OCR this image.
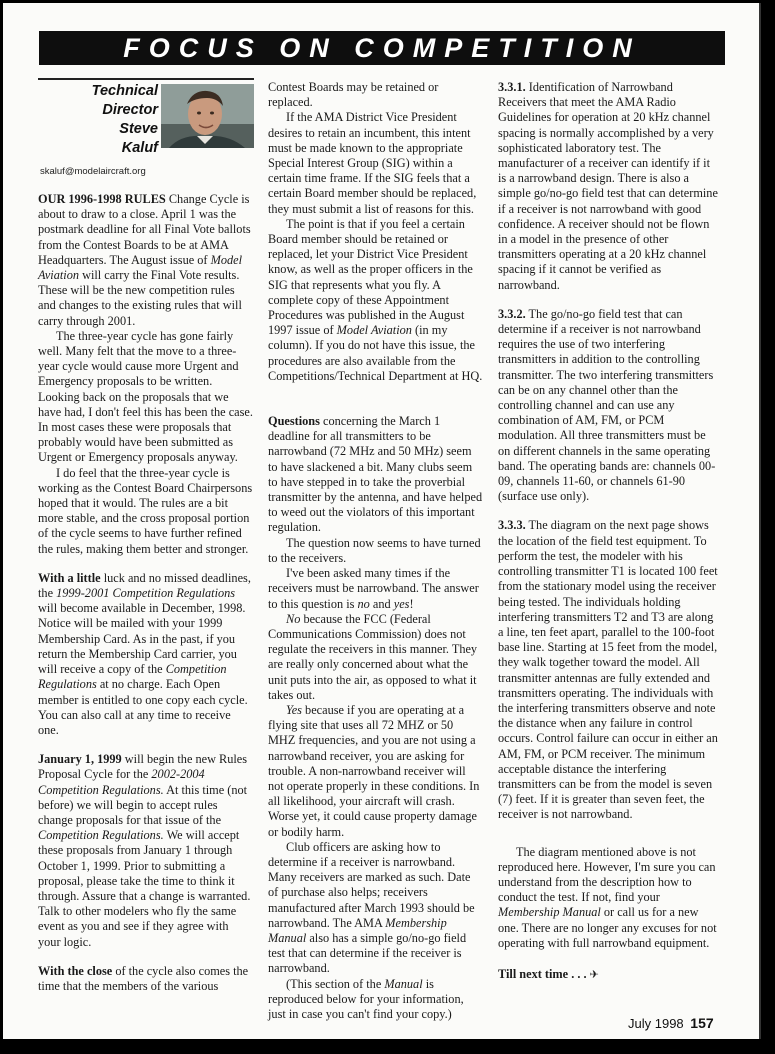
FOCUS ON COMPETITION
Technical
Director
Steve
Kaluf
skaluf@modelaircraft.org

OUR 1996-1998 RULES Change Cycle is about to draw to a close. April 1 was the postmark deadline for all Final Vote ballots from the Contest Boards to be at AMA Headquarters. The August issue of Model Aviation will carry the Final Vote results. These will be the new competition rules and changes to the existing rules that will carry through 2001.

The three-year cycle has gone fairly well. Many felt that the move to a three-year cycle would cause more Urgent and Emergency proposals to be written. Looking back on the proposals that we have had, I don't feel this has been the case. In most cases these were proposals that probably would have been submitted as Urgent or Emergency proposals anyway.

I do feel that the three-year cycle is working as the Contest Board Chairpersons hoped that it would. The rules are a bit more stable, and the cross proposal portion of the cycle seems to have further refined the rules, making them better and stronger.

With a little luck and no missed deadlines, the 1999-2001 Competition Regulations will become available in December, 1998. Notice will be mailed with your 1999 Membership Card. As in the past, if you return the Membership Card carrier, you will receive a copy of the Competition Regulations at no charge. Each Open member is entitled to one copy each cycle. You can also call at any time to receive one.

January 1, 1999 will begin the new Rules Proposal Cycle for the 2002-2004 Competition Regulations. At this time (not before) we will begin to accept rules change proposals for that issue of the Competition Regulations. We will accept these proposals from January 1 through October 1, 1999. Prior to submitting a proposal, please take the time to think it through. Assure that a change is warranted. Talk to other modelers who fly the same event as you and see if they agree with your logic.

With the close of the cycle also comes the time that the members of the various

Contest Boards may be retained or replaced.

If the AMA District Vice President desires to retain an incumbent, this intent must be made known to the appropriate Special Interest Group (SIG) within a certain time frame. If the SIG feels that a certain Board member should be replaced, they must submit a list of reasons for this.

The point is that if you feel a certain Board member should be retained or replaced, let your District Vice President know, as well as the proper officers in the SIG that represents what you fly. A complete copy of these Appointment Procedures was published in the August 1997 issue of Model Aviation (in my column). If you do not have this issue, the procedures are also available from the Competitions/Technical Department at HQ.

Questions concerning the March 1 deadline for all transmitters to be narrowband (72 MHz and 50 MHz) seem to have slackened a bit. Many clubs seem to have stepped in to take the proverbial transmitter by the antenna, and have helped to weed out the violators of this important regulation.

The question now seems to have turned to the receivers.

I've been asked many times if the receivers must be narrowband. The answer to this question is no and yes!

No because the FCC (Federal Communications Commission) does not regulate the receivers in this manner. They are really only concerned about what the unit puts into the air, as opposed to what it takes out.

Yes because if you are operating at a flying site that uses all 72 MHZ or 50 MHZ frequencies, and you are not using a narrowband receiver, you are asking for trouble. A non-narrowband receiver will not operate properly in these conditions. In all likelihood, your aircraft will crash. Worse yet, it could cause property damage or bodily harm.

Club officers are asking how to determine if a receiver is narrowband. Many receivers are marked as such. Date of purchase also helps; receivers manufactured after March 1993 should be narrowband. The AMA Membership Manual also has a simple go/no-go field test that can determine if the receiver is narrowband.

(This section of the Manual is reproduced below for your information, just in case you can't find your copy.)

3.3.1. Identification of Narrowband Receivers that meet the AMA Radio Guidelines for operation at 20 kHz channel spacing is normally accomplished by a very sophisticated laboratory test. The manufacturer of a receiver can identify if it is a narrowband design. There is also a simple go/no-go field test that can determine if a receiver is not narrowband with good confidence. A receiver should not be flown in a model in the presence of other transmitters operating at a 20 kHz channel spacing if it cannot be verified as narrowband.

3.3.2. The go/no-go field test that can determine if a receiver is not narrowband requires the use of two interfering transmitters in addition to the controlling transmitter. The two interfering transmitters can be on any channel other than the controlling channel and can use any combination of AM, FM, or PCM modulation. All three transmitters must be on different channels in the same operating band. The operating bands are: channels 00-09, channels 11-60, or channels 61-90 (surface use only).

3.3.3. The diagram on the next page shows the location of the field test equipment. To perform the test, the modeler with his controlling transmitter T1 is located 100 feet from the stationary model using the receiver being tested. The individuals holding interfering transmitters T2 and T3 are along a line, ten feet apart, parallel to the 100-foot base line. Starting at 15 feet from the model, they walk together toward the model. All transmitter antennas are fully extended and transmitters operating. The individuals with the interfering transmitters observe and note the distance when any failure in control occurs. Control failure can occur in either an AM, FM, or PCM receiver. The minimum acceptable distance the interfering transmitters can be from the model is seven (7) feet. If it is greater than seven feet, the receiver is not narrowband.

The diagram mentioned above is not reproduced here. However, I'm sure you can understand from the description how to conduct the test. If not, find your Membership Manual or call us for a new one. There are no longer any excuses for not operating with full narrowband equipment.

Till next time . . . ✈

July 1998 157
